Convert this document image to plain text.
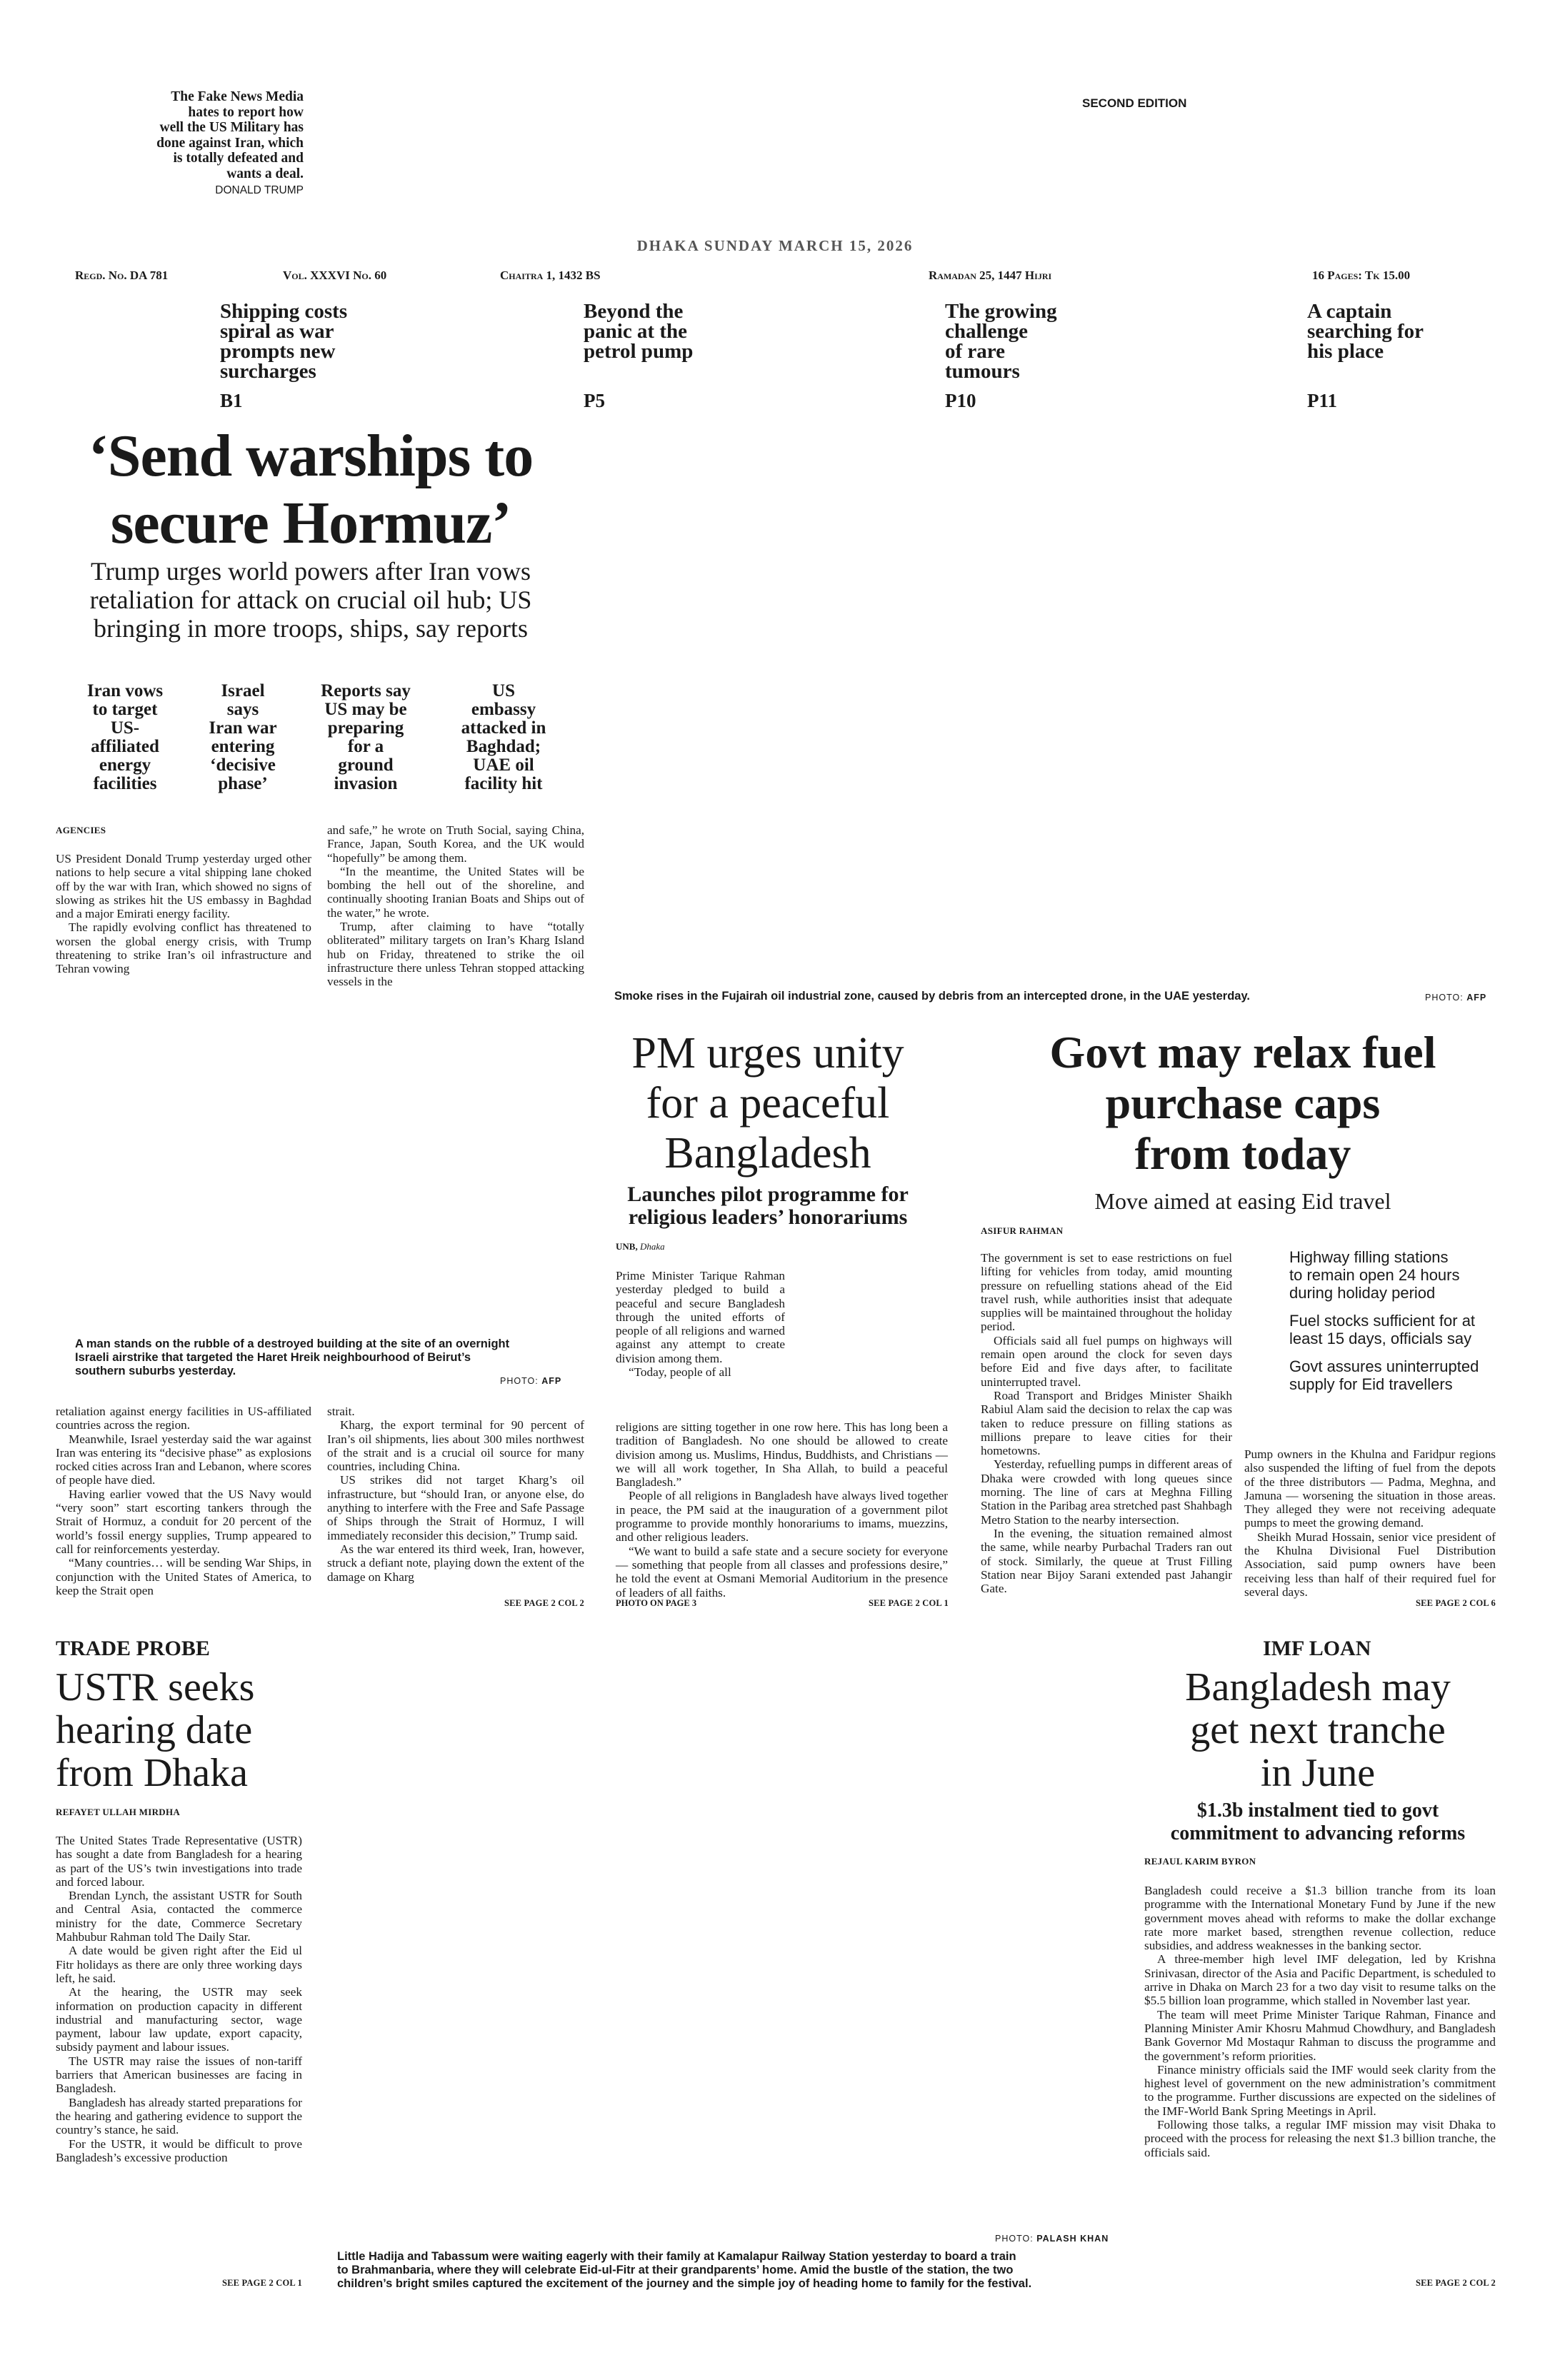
The Fake News Media
hates to report how
well the US Military has
done against Iran, which
is totally defeated and
wants a deal.
DONALD TRUMP
SECOND EDITION
DHAKA SUNDAY MARCH 15, 2026
Regd. No. DA 781	Vol. XXXVI No. 60	Chaitra 1, 1432 BS	Ramadan 25, 1447 Hijri	16 Pages: Tk 15.00
Shipping costs
spiral as war
prompts new
surcharges
B1
Beyond the
panic at the
petrol pump
P5
The growing
challenge
of rare
tumours
P10
A captain
searching for
his place
P11
‘Send warships to
secure Hormuz’
Trump urges world powers after Iran vows
retaliation for attack on crucial oil hub; US
bringing in more troops, ships, say reports
Iran vows
to target
US-
affiliated
energy
facilities
Israel
says
Iran war
entering
‘decisive
phase’
Reports say
US may be
preparing
for a
ground
invasion
US
embassy
attacked in
Baghdad;
UAE oil
facility hit
AGENCIES

US President Donald Trump yesterday urged other nations to help secure a vital shipping lane choked off by the war with Iran, which showed no signs of slowing as strikes hit the US embassy in Baghdad and a major Emirati energy facility.

The rapidly evolving conflict has threatened to worsen the global energy crisis, with Trump threatening to strike Iran’s oil infrastructure and Tehran vowing

and safe,” he wrote on Truth Social, saying China, France, Japan, South Korea, and the UK would “hopefully” be among them.

“In the meantime, the United States will be bombing the hell out of the shoreline, and continually shooting Iranian Boats and Ships out of the water,” he wrote.

Trump, after claiming to have “totally obliterated” military targets on Iran’s Kharg Island hub on Friday, threatened to strike the oil infrastructure there unless Tehran stopped attacking vessels in the

Smoke rises in the Fujairah oil industrial zone, caused by debris from an intercepted drone, in the UAE yesterday.	PHOTO: AFP
A man stands on the rubble of a destroyed building at the site of an overnight
Israeli airstrike that targeted the Haret Hreik neighbourhood of Beirut’s
southern suburbs yesterday.
PHOTO: AFP

retaliation against energy facilities in US-affiliated countries across the region.

Meanwhile, Israel yesterday said the war against Iran was entering its “decisive phase” as explosions rocked cities across Iran and Lebanon, where scores of people have died.

Having earlier vowed that the US Navy would “very soon” start escorting tankers through the Strait of Hormuz, a conduit for 20 percent of the world’s fossil energy supplies, Trump appeared to call for reinforcements yesterday.

“Many countries… will be sending War Ships, in conjunction with the United States of America, to keep the Strait open

strait.

Kharg, the export terminal for 90 percent of Iran’s oil shipments, lies about 300 miles northwest of the strait and is a crucial oil source for many countries, including China.

US strikes did not target Kharg’s oil infrastructure, but “should Iran, or anyone else, do anything to interfere with the Free and Safe Passage of Ships through the Strait of Hormuz, I will immediately reconsider this decision,” Trump said.

As the war entered its third week, Iran, however, struck a defiant note, playing down the extent of the damage on Kharg

SEE PAGE 2 COL 2
PM urges unity
for a peaceful
Bangladesh
Launches pilot programme for
religious leaders’ honorariums
UNB, Dhaka

Prime Minister Tarique Rahman yesterday pledged to build a peaceful and secure Bangladesh through the united efforts of people of all religions and warned against any attempt to create division among them.

“Today, people of all

religions are sitting together in one row here. This has long been a tradition of Bangladesh. No one should be allowed to create division among us. Muslims, Hindus, Buddhists, and Christians — we will all work together, In Sha Allah, to build a peaceful Bangladesh.”

People of all religions in Bangladesh have always lived together in peace, the PM said at the inauguration of a government pilot programme to provide monthly honorariums to imams, muezzins, and other religious leaders.

“We want to build a safe state and a secure society for everyone — something that people from all classes and professions desire,” he told the event at Osmani Memorial Auditorium in the presence of leaders of all faiths.

PHOTO ON PAGE 3	SEE PAGE 2 COL 1
Govt may relax fuel
purchase caps
from today
Move aimed at easing Eid travel
ASIFUR RAHMAN

The government is set to ease restrictions on fuel lifting for vehicles from today, amid mounting pressure on refuelling stations ahead of the Eid travel rush, while authorities insist that adequate supplies will be maintained throughout the holiday period.

Officials said all fuel pumps on highways will remain open around the clock for seven days before Eid and five days after, to facilitate uninterrupted travel.

Road Transport and Bridges Minister Shaikh Rabiul Alam said the decision to relax the cap was taken to reduce pressure on filling stations as millions prepare to leave cities for their hometowns.

Yesterday, refuelling pumps in different areas of Dhaka were crowded with long queues since morning. The line of cars at Meghna Filling Station in the Paribag area stretched past Shahbagh Metro Station to the nearby intersection.

In the evening, the situation remained almost the same, while nearby Purbachal Traders ran out of stock. Similarly, the queue at Trust Filling Station near Bijoy Sarani extended past Jahangir Gate.

Highway filling stations
to remain open 24 hours
during holiday period
Fuel stocks sufficient for at
least 15 days, officials say
Govt assures uninterrupted
supply for Eid travellers

Pump owners in the Khulna and Faridpur regions also suspended the lifting of fuel from the depots of the three distributors — Padma, Meghna, and Jamuna — worsening the situation in those areas. They alleged they were not receiving adequate pumps to meet the growing demand.

Sheikh Murad Hossain, senior vice president of the Khulna Divisional Fuel Distribution Association, said pump owners have been receiving less than half of their required fuel for several days.

SEE PAGE 2 COL 6
TRADE PROBE
USTR seeks
hearing date
from Dhaka
REFAYET ULLAH MIRDHA

The United States Trade Representative (USTR) has sought a date from Bangladesh for a hearing as part of the US’s twin investigations into trade and forced labour.

Brendan Lynch, the assistant USTR for South and Central Asia, contacted the commerce ministry for the date, Commerce Secretary Mahbubur Rahman told The Daily Star.

A date would be given right after the Eid ul Fitr holidays as there are only three working days left, he said.

At the hearing, the USTR may seek information on production capacity in different industrial and manufacturing sector, wage payment, labour law update, export capacity, subsidy payment and labour issues.

The USTR may raise the issues of non-tariff barriers that American businesses are facing in Bangladesh.

Bangladesh has already started preparations for the hearing and gathering evidence to support the country’s stance, he said.

For the USTR, it would be difficult to prove Bangladesh’s excessive production

SEE PAGE 2 COL 1
PHOTO: PALASH KHAN
Little Hadija and Tabassum were waiting eagerly with their family at Kamalapur Railway Station yesterday to board a train
to Brahmanbaria, where they will celebrate Eid-ul-Fitr at their grandparents’ home. Amid the bustle of the station, the two
children’s bright smiles captured the excitement of the journey and the simple joy of heading home to family for the festival.
IMF LOAN
Bangladesh may
get next tranche
in June
$1.3b instalment tied to govt
commitment to advancing reforms
REJAUL KARIM BYRON

Bangladesh could receive a $1.3 billion tranche from its loan programme with the International Monetary Fund by June if the new government moves ahead with reforms to make the dollar exchange rate more market based, strengthen revenue collection, reduce subsidies, and address weaknesses in the banking sector.

A three-member high level IMF delegation, led by Krishna Srinivasan, director of the Asia and Pacific Department, is scheduled to arrive in Dhaka on March 23 for a two day visit to resume talks on the $5.5 billion loan programme, which stalled in November last year.

The team will meet Prime Minister Tarique Rahman, Finance and Planning Minister Amir Khosru Mahmud Chowdhury, and Bangladesh Bank Governor Md Mostaqur Rahman to discuss the programme and the government’s reform priorities.

Finance ministry officials said the IMF would seek clarity from the highest level of government on the new administration’s commitment to the programme. Further discussions are expected on the sidelines of the IMF-World Bank Spring Meetings in April.

Following those talks, a regular IMF mission may visit Dhaka to proceed with the process for releasing the next $1.3 billion tranche, the officials said.

SEE PAGE 2 COL 2
